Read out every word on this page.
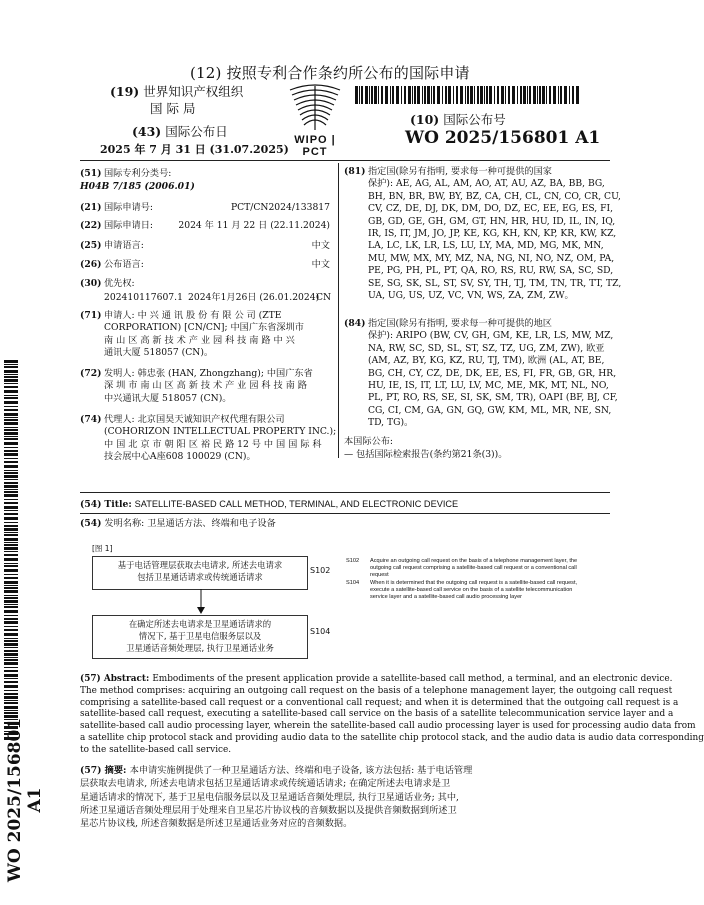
(12) 按照专利合作条约所公布的国际申请
(19) 世界知识产权组织
国 际 局
(43) 国际公布日
2025 年 7 月 31 日 (31.07.2025)
WIPO | PCT
(10) 国际公布号
WO 2025/156801 A1
(51) 国际专利分类号:
H04B 7/185 (2006.01)
(21) 国际申请号:	PCT/CN2024/133817
(22) 国际申请日:	2024 年 11 月 22 日 (22.11.2024)
(25) 申请语言:	中文
(26) 公布语言:	中文
(30) 优先权:
202410117607.1 2024年1月26日 (26.01.2024)
CN
(71) 申请人: 中 兴 通 讯 股 份 有 限 公 司 (ZTE
CORPORATION) [CN/CN]; 中国广东省深圳市
南 山 区 高 新 技 术 产 业 园 科 技 南 路 中 兴
通讯大厦 518057 (CN)。
(72) 发明人: 韩忠张 (HAN, Zhongzhang); 中国广东省
深 圳 市 南 山 区 高 新 技 术 产 业 园 科 技 南 路
中兴通讯大厦 518057 (CN)。
(74) 代理人: 北京国昊天诚知识产权代理有限公司
(COHORIZON INTELLECTUAL PROPERTY INC.);
中 国 北 京 市 朝 阳 区 裕 民 路 12 号 中 国 国 际 科
技会展中心A座608 100029 (CN)。
(81) 指定国(除另有指明, 要求每一种可提供的国家
保护): AE, AG, AL, AM, AO, AT, AU, AZ, BA, BB, BG,
BH, BN, BR, BW, BY, BZ, CA, CH, CL, CN, CO, CR, CU,
CV, CZ, DE, DJ, DK, DM, DO, DZ, EC, EE, EG, ES, FI,
GB, GD, GE, GH, GM, GT, HN, HR, HU, ID, IL, IN, IQ,
IR, IS, IT, JM, JO, JP, KE, KG, KH, KN, KP, KR, KW, KZ,
LA, LC, LK, LR, LS, LU, LY, MA, MD, MG, MK, MN,
MU, MW, MX, MY, MZ, NA, NG, NI, NO, NZ, OM, PA,
PE, PG, PH, PL, PT, QA, RO, RS, RU, RW, SA, SC, SD,
SE, SG, SK, SL, ST, SV, SY, TH, TJ, TM, TN, TR, TT, TZ,
UA, UG, US, UZ, VC, VN, WS, ZA, ZM, ZW。
(84) 指定国(除另有指明, 要求每一种可提供的地区
保护): ARIPO (BW, CV, GH, GM, KE, LR, LS, MW, MZ,
NA, RW, SC, SD, SL, ST, SZ, TZ, UG, ZM, ZW), 欧亚
(AM, AZ, BY, KG, KZ, RU, TJ, TM), 欧洲 (AL, AT, BE,
BG, CH, CY, CZ, DE, DK, EE, ES, FI, FR, GB, GR, HR,
HU, IE, IS, IT, LT, LU, LV, MC, ME, MK, MT, NL, NO,
PL, PT, RO, RS, SE, SI, SK, SM, TR), OAPI (BF, BJ, CF,
CG, CI, CM, GA, GN, GQ, GW, KM, ML, MR, NE, SN,
TD, TG)。
本国际公布:
— 包括国际检索报告(条约第21条(3))。
(54) Title: SATELLITE-BASED CALL METHOD, TERMINAL, AND ELECTRONIC DEVICE
(54) 发明名称: 卫星通话方法、终端和电子设备
[图 1]
基于电话管理层获取去电请求, 所述去电请求
包括卫星通话请求或传统通话请求
S102
在确定所述去电请求是卫星通话请求的
情况下, 基于卫星电信服务层以及
卫星通话音频处理层, 执行卫星通话业务
S104
S102	Acquire an outgoing call request on the basis of a telephone management layer, the
outgoing call request comprising a satellite-based call request or a conventional call
request
S104	When it is determined that the outgoing call request is a satellite-based call request,
execute a satellite-based call service on the basis of a satellite telecommunication
service layer and a satellite-based call audio processing layer
(57) Abstract: Embodiments of the present application provide a satellite-based call method, a terminal, and an electronic device.
The method comprises: acquiring an outgoing call request on the basis of a telephone management layer, the outgoing call request
comprising a satellite-based call request or a conventional call request; and when it is determined that the outgoing call request is a
satellite-based call request, executing a satellite-based call service on the basis of a satellite telecommunication service layer and a
satellite-based call audio processing layer, wherein the satellite-based call audio processing layer is used for processing audio data from
a satellite chip protocol stack and providing audio data to the satellite chip protocol stack, and the audio data is audio data corresponding
to the satellite-based call service.
(57) 摘要: 本申请实施例提供了一种卫星通话方法、终端和电子设备, 该方法包括: 基于电话管理
层获取去电请求, 所述去电请求包括卫星通话请求或传统通话请求; 在确定所述去电请求是卫
星通话请求的情况下, 基于卫星电信服务层以及卫星通话音频处理层, 执行卫星通话业务; 其中,
所述卫星通话音频处理层用于处理来自卫星芯片协议栈的音频数据以及提供音频数据到所述卫
星芯片协议栈, 所述音频数据是所述卫星通话业务对应的音频数据。
WO 2025/156801 A1
